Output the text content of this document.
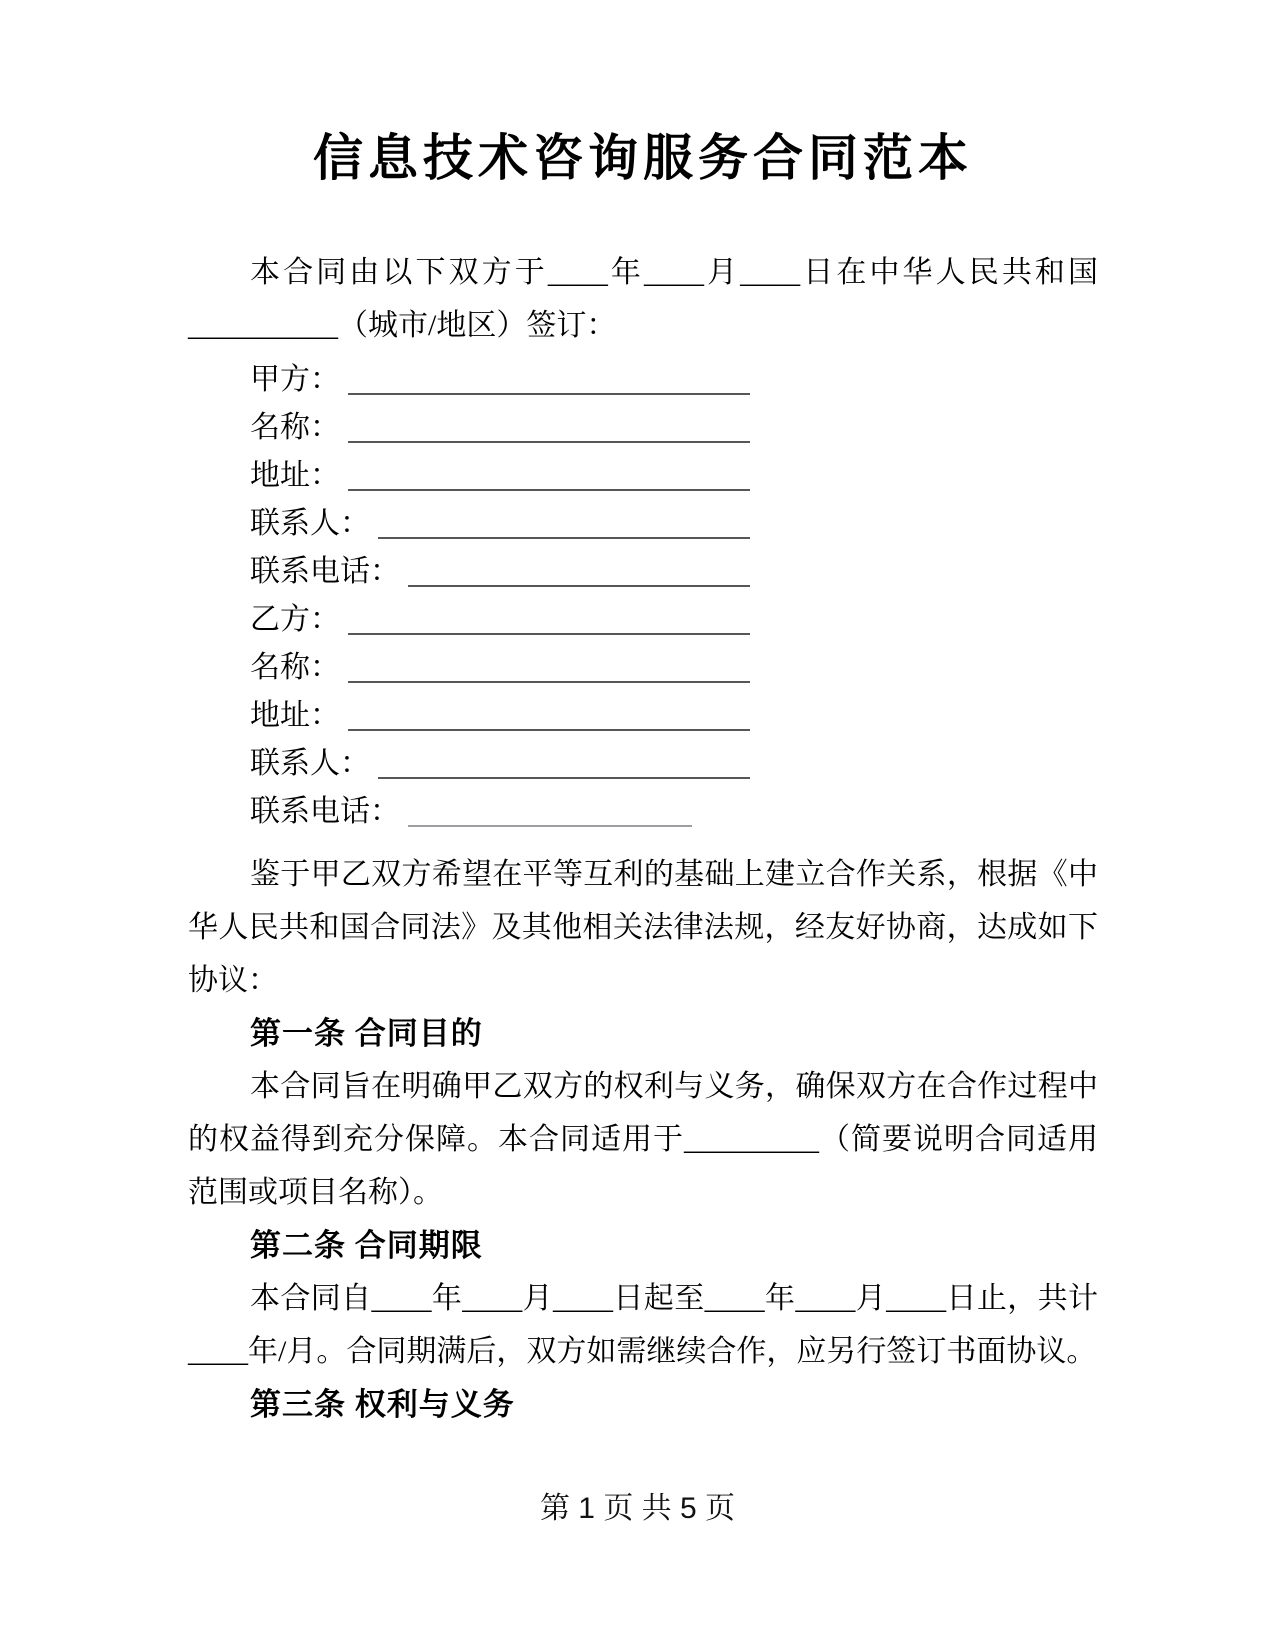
信息技术咨询服务合同范本

本合同由以下双方于____年____月____日在中华人民共和国______​____（城市/地区）签订：

甲方：
名称：
地址：
联系人：
联系电话：
乙方：
名称：
地址：
联系人：
联系电话：

鉴于甲乙双方希望在平等互利的基础上建立合作关系，根据《中华人民共和国合同法》及其他相关法律法规，经友好协商，达成如下协议：

第一条 合同目的

本合同旨在明确甲乙双方的权利与义务，确保双方在合作过程中的权益得到充分保障。本合同适用于_________（简要说明合同适用范围或项目名称）。

第二条 合同期限

本合同自____年____月____日起至____年____月____日止，共计____年/月。合同期满后，双方如需继续合作，应另行签订书面协议。

第三条 权利与义务
第 1 页 共 5 页
